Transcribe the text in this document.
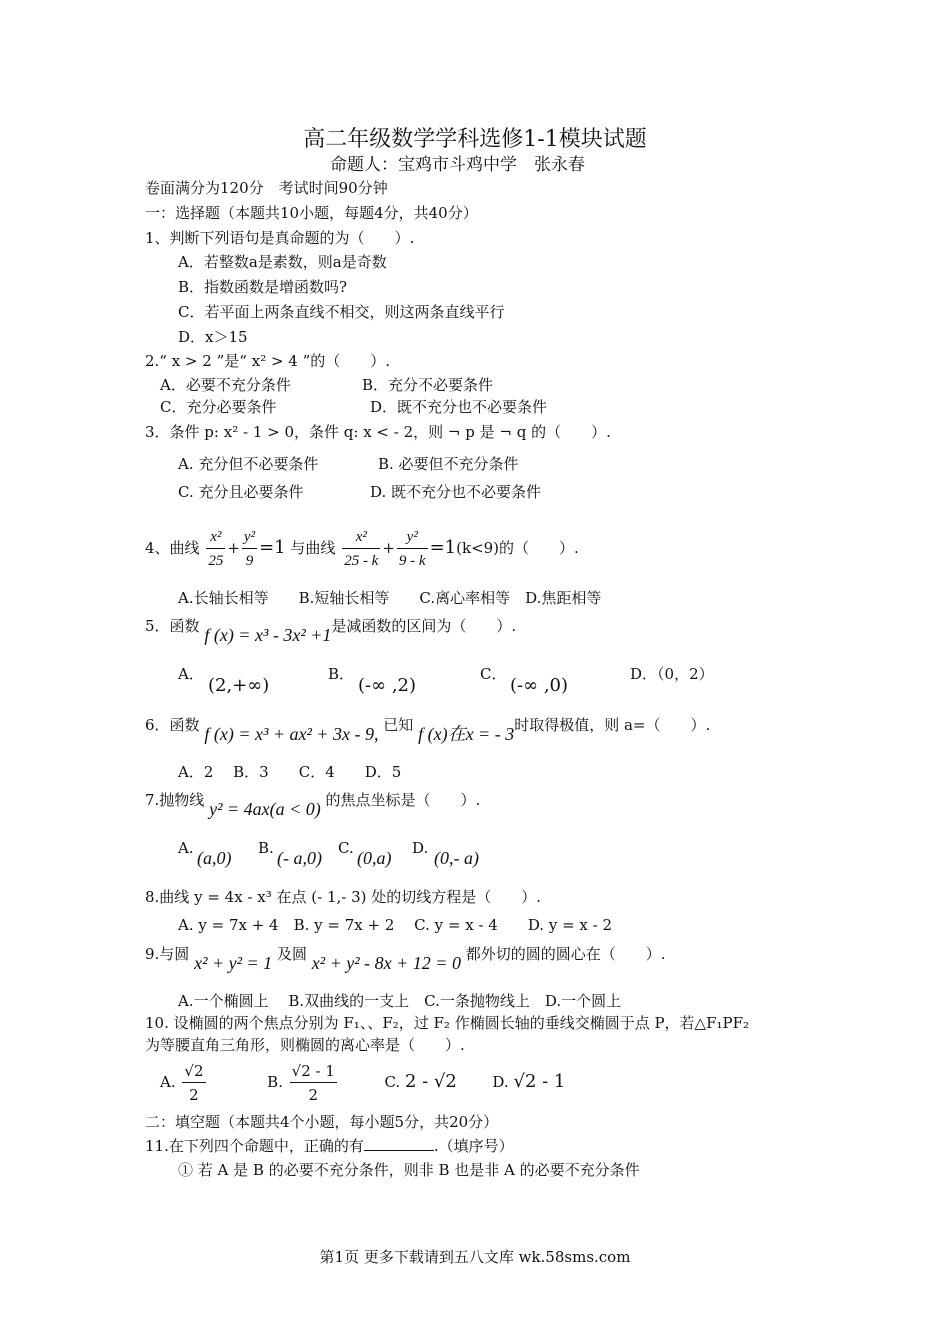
高二年级数学学科选修1-1模块试题
命题人：宝鸡市斗鸡中学　张永春
卷面满分为120分　考试时间90分钟
一：选择题（本题共10小题，每题4分，共40分）
1、判断下列语句是真命题的为（　　）.
A．若整数a是素数，则a是奇数
B．指数函数是增函数吗?
C．若平面上两条直线不相交，则这两条直线平行
D．x＞15
2.“ x > 2 ”是“ x² > 4 ”的（　　）.
A．必要不充分条件	B．充分不必要条件
C．充分必要条件	D．既不充分也不必要条件
3．条件 p: x² - 1 > 0，条件 q: x < - 2，则 ¬ p 是 ¬ q 的（　　）.
A. 充分但不必要条件	B. 必要但不充分条件
C. 充分且必要条件	D. 既不充分也不必要条件
4、曲线 $\frac{\text{x²}}{25} + \frac{\text{y²}}{9} =1$ 与曲线 $\frac{\text{x²}}{25 - k} + \frac{\text{y²}}{9 - k} =1(k<9)$的（　　）.
A.长轴长相等　　B.短轴长相等　　C.离心率相等　D.焦距相等
5．函数 f (x) = x³ - 3x² +1是减函数的区间为（　　）.
A．
(2,+∞)
B．
(-∞ ,2)
C．
(-∞ ,0)
D．（0，2）
6．函数 f (x) = x³ + ax² + 3x - 9, 已知 f (x)在x = - 3时取得极值，则 a=（　　）.
A．2　 B．3　　C．4　　D．5
7.抛物线 y² = 4ax(a < 0) 的焦点坐标是（　　）.
A. (a,0) B. (- a,0) C. (0,a) D. (0,- a)
8.曲线 y = 4x - x³ 在点 (- 1,- 3) 处的切线方程是（　　）.
A. y = 7x + 4　B. y = 7x + 2　 C. y = x - 4　　D. y = x - 2
9.与圆 x² + y² = 1 及圆 x² + y² - 8x + 12 = 0 都外切的圆的圆心在（　　）.
A.一个椭圆上　 B.双曲线的一支上　C.一条抛物线上　D.一个圆上
10. 设椭圆的两个焦点分别为 F₁、、F₂，过 F₂ 作椭圆长轴的垂线交椭圆于点 P，若△F₁PF₂
为等腰直角三角形，则椭圆的离心率是（　　）.
A. $\frac{√2}{2}$	B. $\frac{√2 - 1}{2}$	C. 2 - √2 D. √2 - 1
二：填空题（本题共4个小题，每小题5分，共20分）
11.在下列四个命题中，正确的有	.（填序号）
① 若 A 是 B 的必要不充分条件，则非 B 也是非 A 的必要不充分条件
第1页 更多下载请到五八文库 wk.58sms.com
